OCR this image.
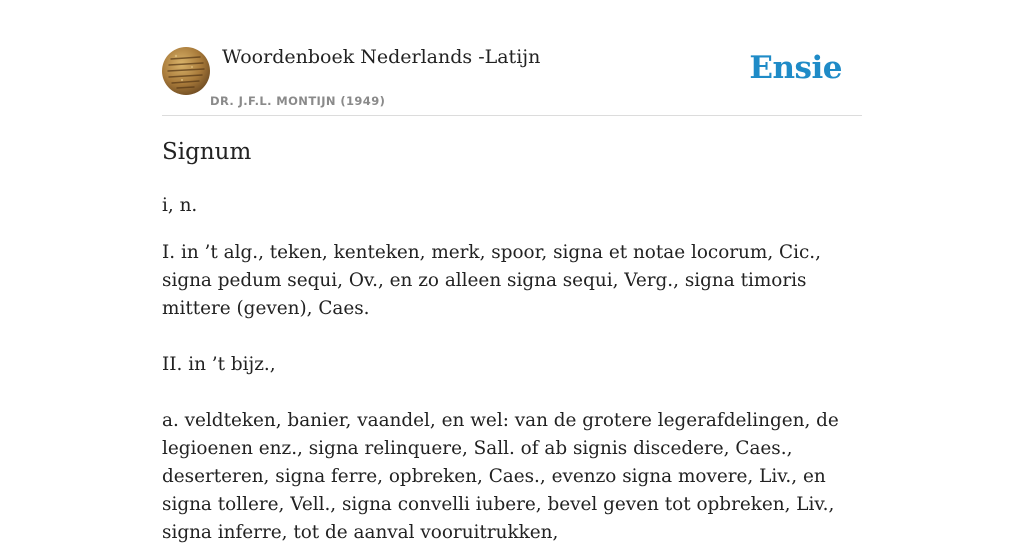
Woordenboek Nederlands -Latijn
DR. J.F.L. MONTIJN (1949)
Ensie
Signum

i, n.

I. in ’t alg., teken, kenteken, merk, spoor, signa et notae locorum, Cic., signa pedum sequi, Ov., en zo alleen signa sequi, Verg., signa timoris mittere (geven), Caes.

II. in ’t bijz.,

a. veldteken, banier, vaandel, en wel: van de grotere legerafdelingen, de legioenen enz., signa relinquere, Sall. of ab signis discedere, Caes., deserteren, signa ferre, opbreken, Caes., evenzo signa movere, Liv., en signa tollere, Vell., signa convelli iubere, bevel geven tot opbreken, Liv., signa inferre, tot de aanval vooruitrukken,
